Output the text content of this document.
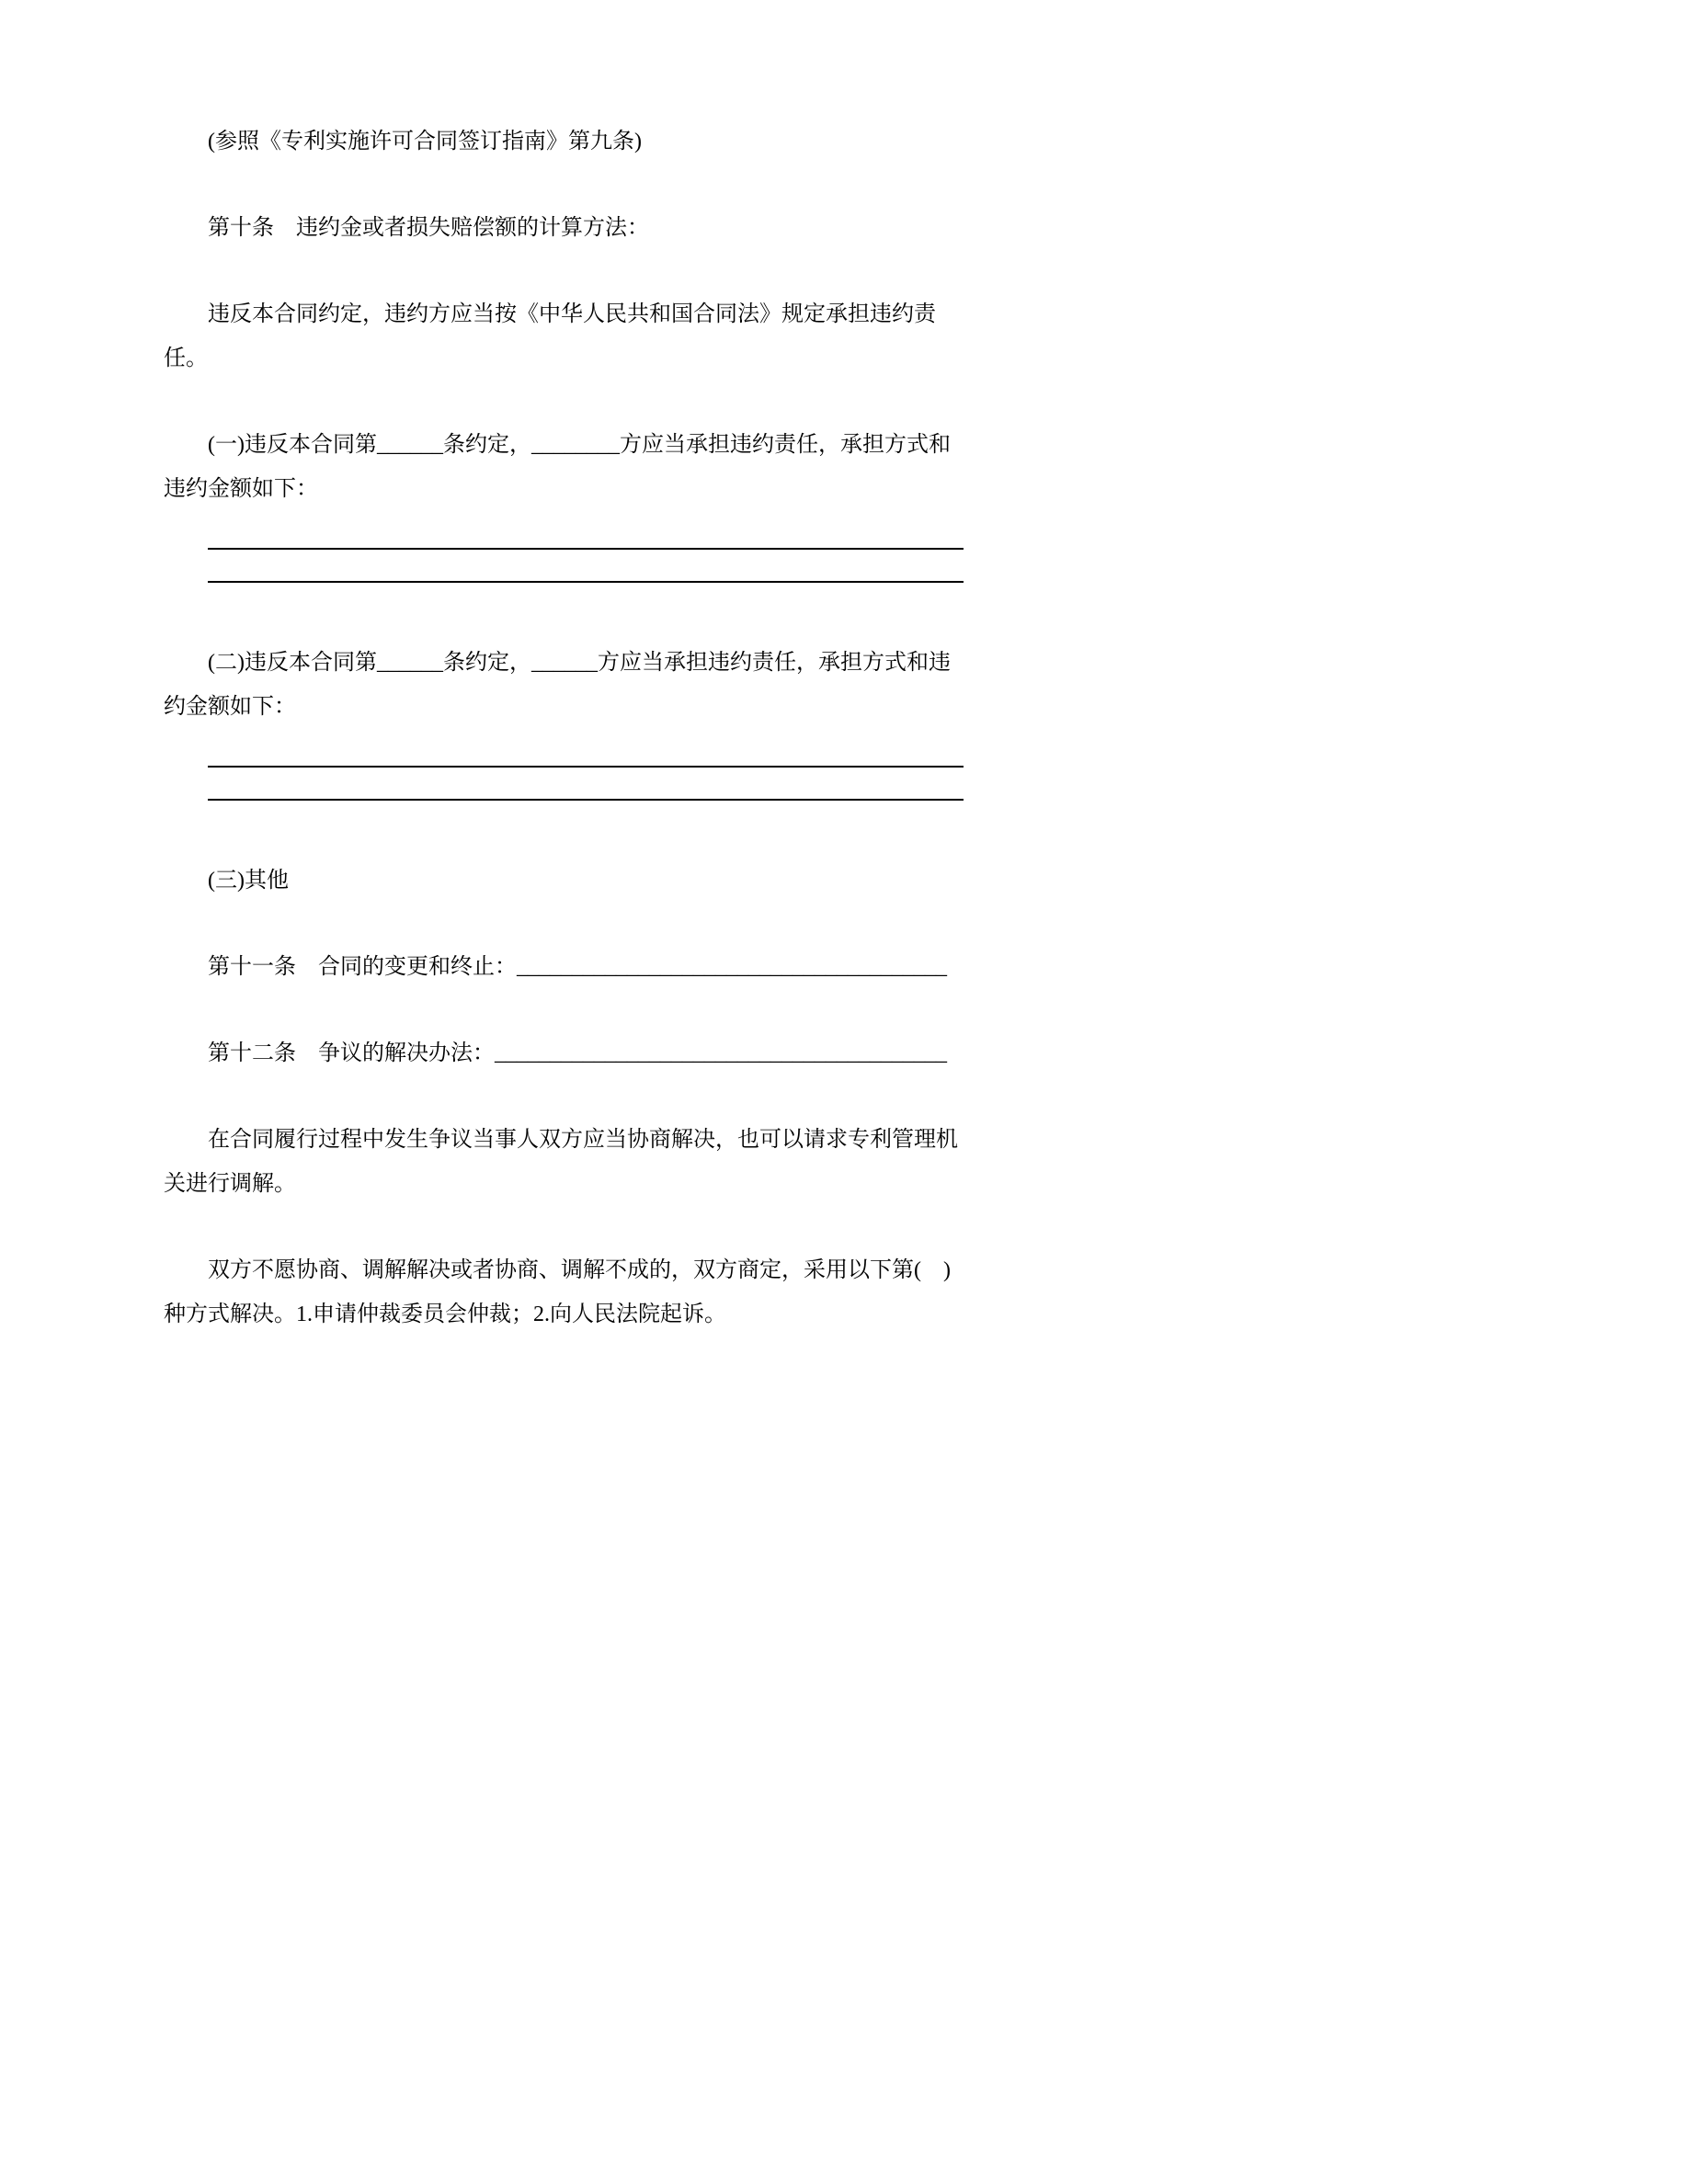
(参照《专利实施许可合同签订指南》第九条)

第十条　违约金或者损失赔偿额的计算方法：

违反本合同约定，违约方应当按《中华人民共和国合同法》规定承担违约责任。

(一)违反本合同第______条约定，________方应当承担违约责任，承担方式和违约金额如下：

(二)违反本合同第______条约定，______方应当承担违约责任，承担方式和违约金额如下：

(三)其他

第十一条　合同的变更和终止：_______________________________________

第十二条　争议的解决办法：_________________________________________

在合同履行过程中发生争议当事人双方应当协商解决，也可以请求专利管理机关进行调解。

双方不愿协商、调解解决或者协商、调解不成的，双方商定，采用以下第(　)种方式解决。1.申请仲裁委员会仲裁；2.向人民法院起诉。
